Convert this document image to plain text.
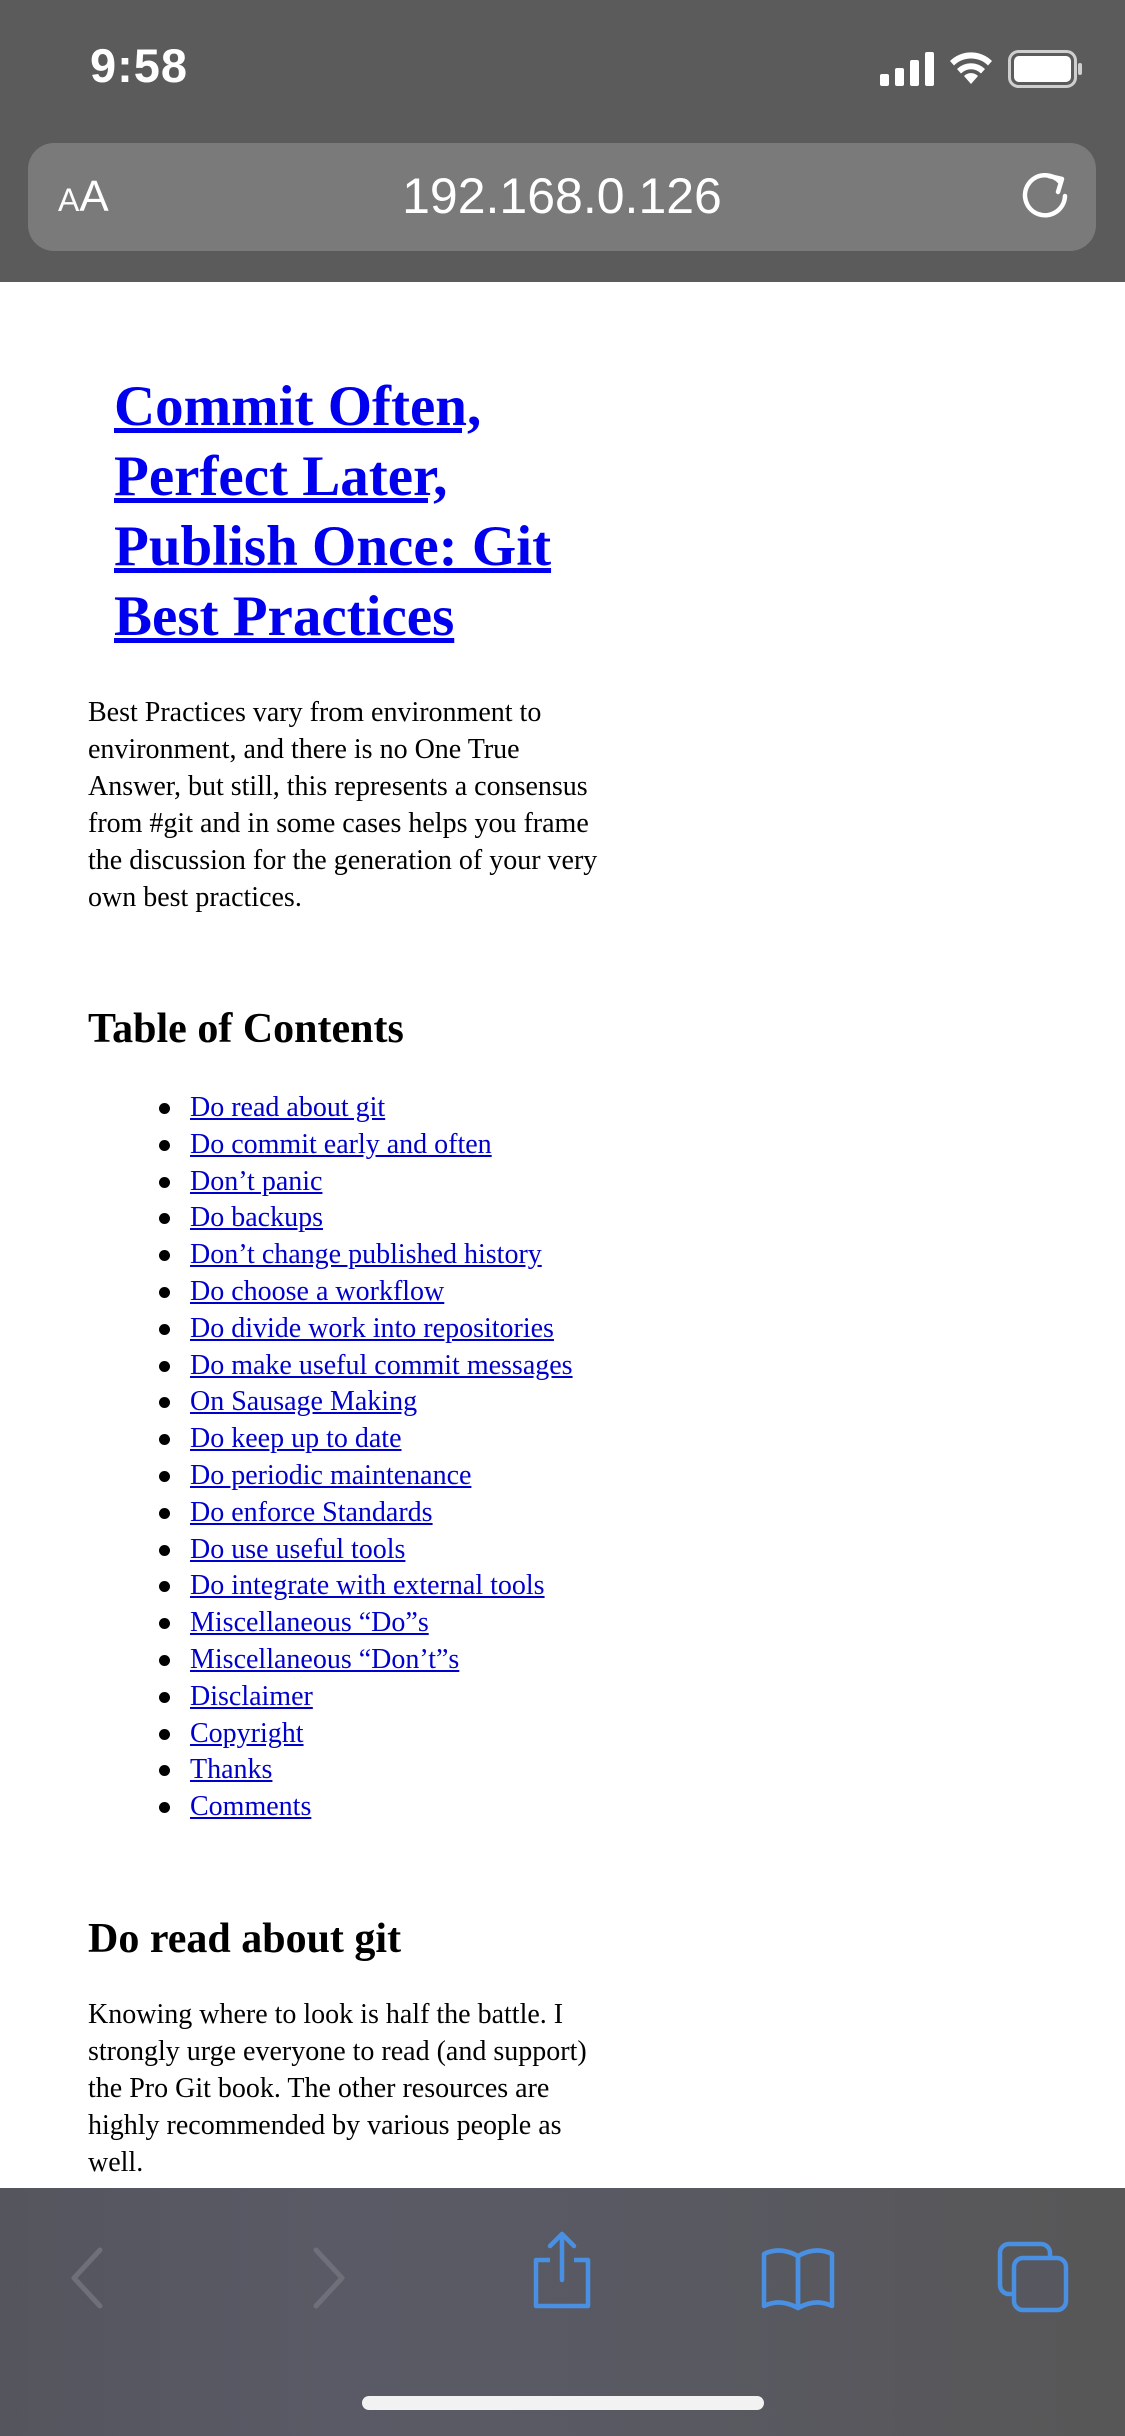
9:58
AA	192.168.0.126
Commit Often, Perfect Later, Publish Once: Git Best Practices

Best Practices vary from environment to environment, and there is no One True Answer, but still, this represents a consensus from #git and in some cases helps you frame the discussion for the generation of your very own best practices.

Table of Contents
Do read about git
Do commit early and often
Don’t panic
Do backups
Don’t change published history
Do choose a workflow
Do divide work into repositories
Do make useful commit messages
On Sausage Making
Do keep up to date
Do periodic maintenance
Do enforce Standards
Do use useful tools
Do integrate with external tools
Miscellaneous “Do”s
Miscellaneous “Don’t”s
Disclaimer
Copyright
Thanks
Comments
Do read about git

Knowing where to look is half the battle. I strongly urge everyone to read (and support) the Pro Git book. The other resources are highly recommended by various people as well.
